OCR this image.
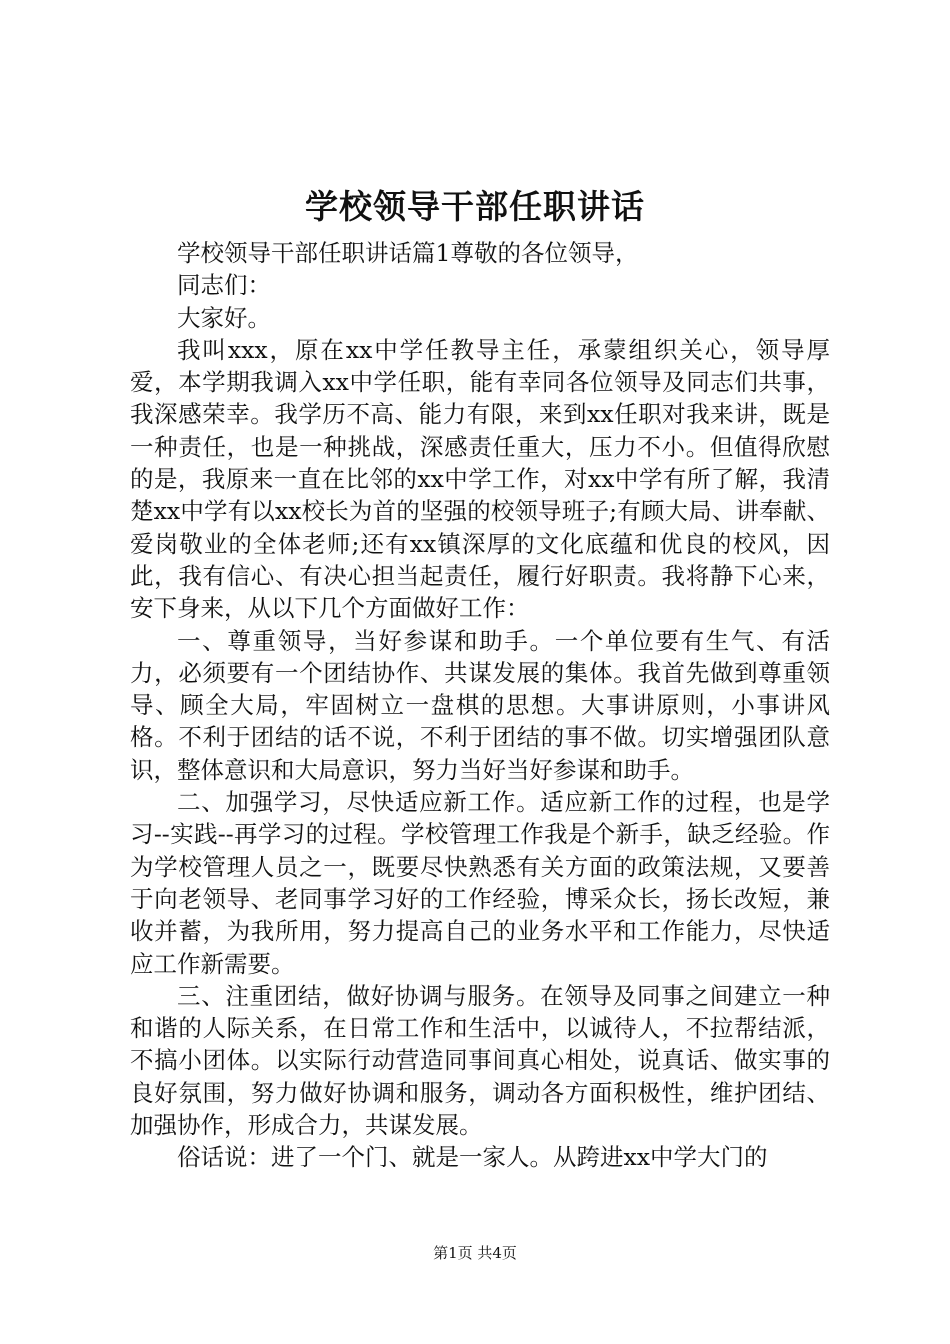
学校领导干部任职讲话

学校领导干部任职讲话篇1尊敬的各位领导，

同志们：

大家好。

我叫xxx，原在xx中学任教导主任，承蒙组织关心，领导厚爱，本学期我调入xx中学任职，能有幸同各位领导及同志们共事，我深感荣幸。我学历不高、能力有限，来到xx任职对我来讲，既是一种责任，也是一种挑战，深感责任重大，压力不小。但值得欣慰的是，我原来一直在比邻的xx中学工作，对xx中学有所了解，我清楚xx中学有以xx校长为首的坚强的校领导班子;有顾大局、讲奉献、爱岗敬业的全体老师;还有xx镇深厚的文化底蕴和优良的校风，因此，我有信心、有决心担当起责任，履行好职责。我将静下心来，安下身来，从以下几个方面做好工作：

一、尊重领导，当好参谋和助手。一个单位要有生气、有活力，必须要有一个团结协作、共谋发展的集体。我首先做到尊重领导、顾全大局，牢固树立一盘棋的思想。大事讲原则，小事讲风格。不利于团结的话不说，不利于团结的事不做。切实增强团队意识，整体意识和大局意识，努力当好当好参谋和助手。

二、加强学习，尽快适应新工作。适应新工作的过程，也是学习--实践--再学习的过程。学校管理工作我是个新手，缺乏经验。作为学校管理人员之一，既要尽快熟悉有关方面的政策法规，又要善于向老领导、老同事学习好的工作经验，博采众长，扬长改短，兼收并蓄，为我所用，努力提高自己的业务水平和工作能力，尽快适应工作新需要。

三、注重团结，做好协调与服务。在领导及同事之间建立一种和谐的人际关系，在日常工作和生活中，以诚待人，不拉帮结派，不搞小团体。以实际行动营造同事间真心相处，说真话、做实事的良好氛围，努力做好协调和服务，调动各方面积极性，维护团结、加强协作，形成合力，共谋发展。

俗话说：进了一个门、就是一家人。从跨进xx中学大门的

第1页 共4页
